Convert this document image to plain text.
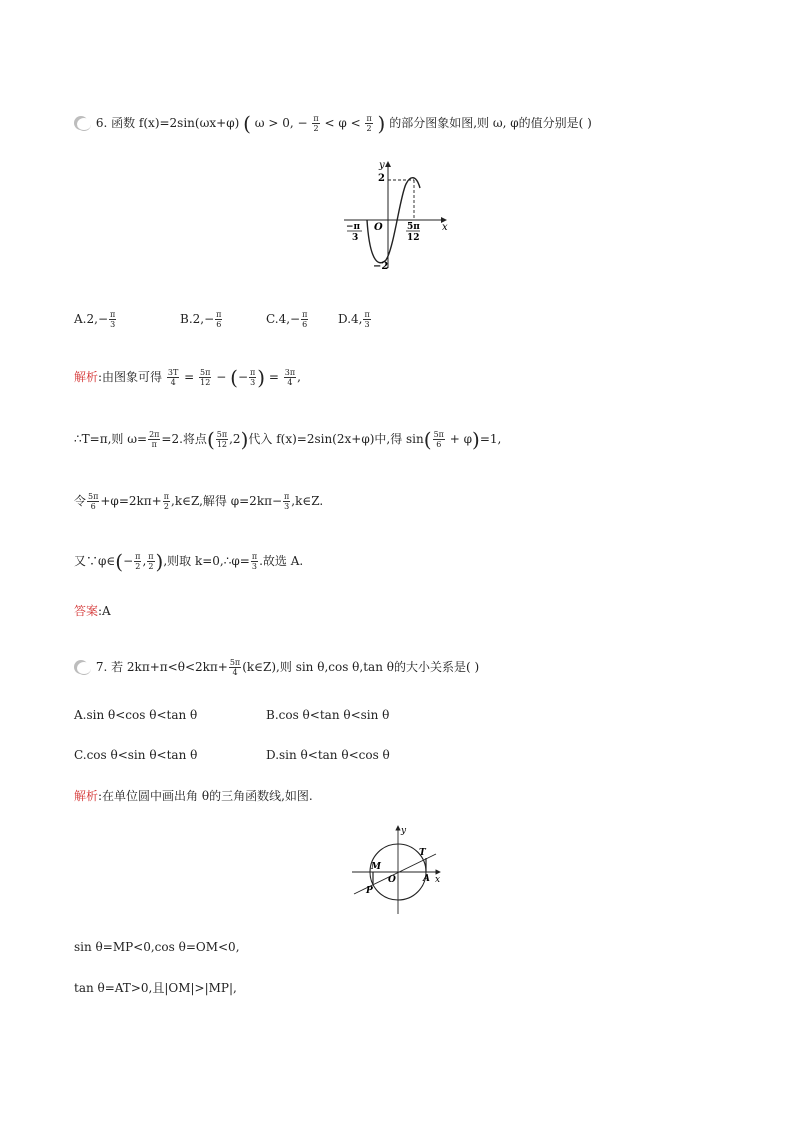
6. 函数 f(x)=2sin(ωx+φ) ( ω > 0, − $\frac{\pi}{2} < \varphi < \frac{\pi}{2}$ ) 的部分图象如图,则 ω, φ的值分别是( )
y
x
2
O
−2
−π
3
5π
12
$A.2,- \frac{\pi}{3}$	$B.2,- \frac{\pi}{6}$	$C.4,- \frac{\pi}{6} D.4$, $\frac{\pi}{3}$
解析:由图象可得 $\frac{3T}{4} = \frac{5\pi}{12}$ − (− $\frac{\pi}{3}$ ) = $\frac{3\pi}{4}$ ,
∴T=π,则 $\omega= \frac{2\pi}{\pi} =2$.将点( $\frac{5\pi}{12} ,2$)代入 f(x)=2sin(2x+φ)中,得 $\sin( \frac{5\pi}{6} + \varphi)=1$,
令 $\frac{5\pi}{6} +\varphi=2k\pi+ \frac{\pi}{2}$ ,k∈Z,解得 $\varphi=2k\pi- \frac{\pi}{3}$ ,k∈Z.
又∵φ∈(− $\frac{\pi}{2}$ , $\frac{\pi}{2}$ ),则取 k=0,∴φ= $\frac{\pi}{3}$ .故选 A.
答案:A
7. 若 $2k\pi+\pi<\theta<2k\pi+ \frac{5\pi}{4}$ (k∈Z),则 sin θ,cos θ,tan θ的大小关系是( )
A.sin θ<cos θ<tan θ	B.cos θ<tan θ<sin θ
C.cos θ<sin θ<tan θ	D.sin θ<tan θ<cos θ
解析:在单位圆中画出角 θ的三角函数线,如图.
y
x
O	A
T
M
P
sin θ=MP<0,cos θ=OM<0,
tan θ=AT>0,且|OM|>|MP|,
